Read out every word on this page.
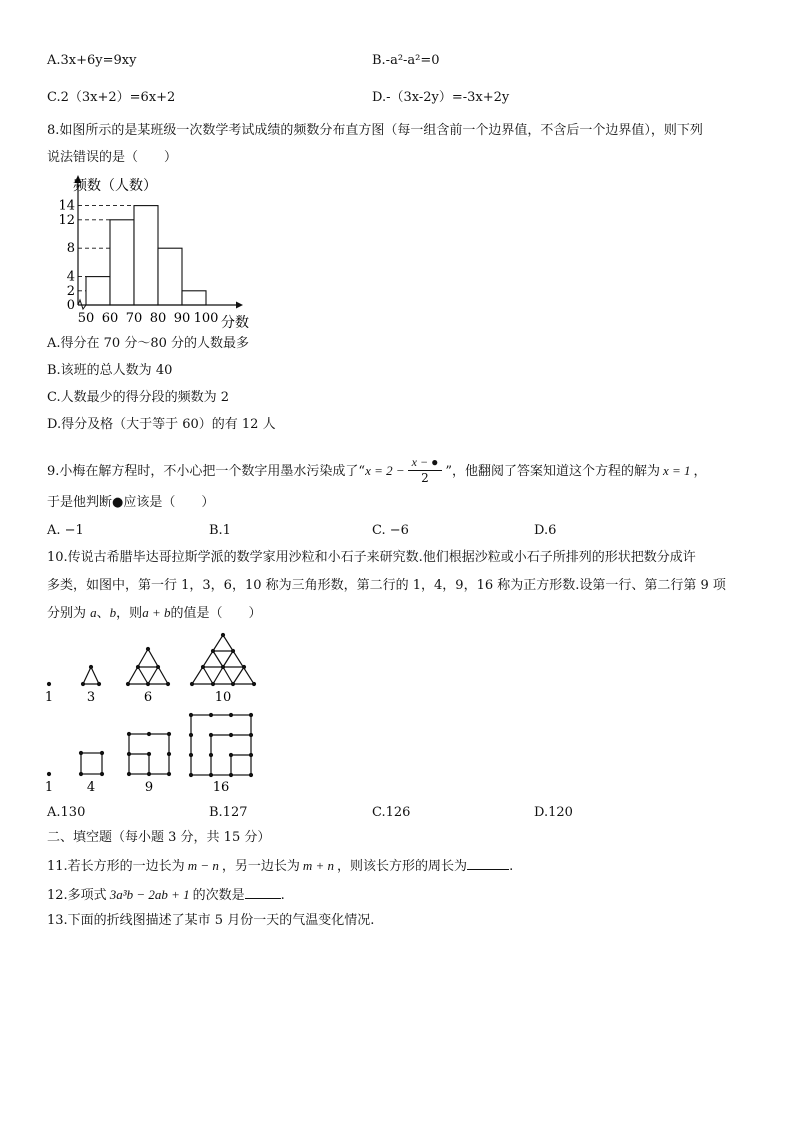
A.3x+6y=9xy	B.-a²-a²=0
C.2（3x+2）=6x+2	D.-（3x-2y）=-3x+2y
8.如图所示的是某班级一次数学考试成绩的频数分布直方图（每一组含前一个边界值，不含后一个边界值），则下列
说法错误的是（　　）
0
2
4
8
12
14
50 60 70 80 90 100
频数（人数）
分数
A.得分在 70 分～80 分的人数最多
B.该班的总人数为 40
C.人数最少的得分段的频数为 2
D.得分及格（大于等于 60）的有 12 人
9.小梅在解方程时，不小心把一个数字用墨水污染成了“$x = 2 - \frac{x - ●}{2}$ ”，他翻阅了答案知道这个方程的解为 x = 1 ，
于是他判断●应该是（　　）
A. −1	B.1	C. −6	D.6
10.传说古希腊毕达哥拉斯学派的数学家用沙粒和小石子来研究数.他们根据沙粒或小石子所排列的形状把数分成许
多类，如图中，第一行 1，3，6，10 称为三角形数，第二行的 1，4，9，16 称为正方形数.设第一行、第二行第 9 项
分别为 a、b，则a + b的值是（　　）
1	3	6	10
1	4	9	16
A.130	B.127	C.126	D.120
二、填空题（每小题 3 分，共 15 分）
11.若长方形的一边长为 m − n ，另一边长为 m + n ，则该长方形的周长为	.
12.多项式 3a³b − 2ab + 1 的次数是	.
13.下面的折线图描述了某市 5 月份一天的气温变化情况.
